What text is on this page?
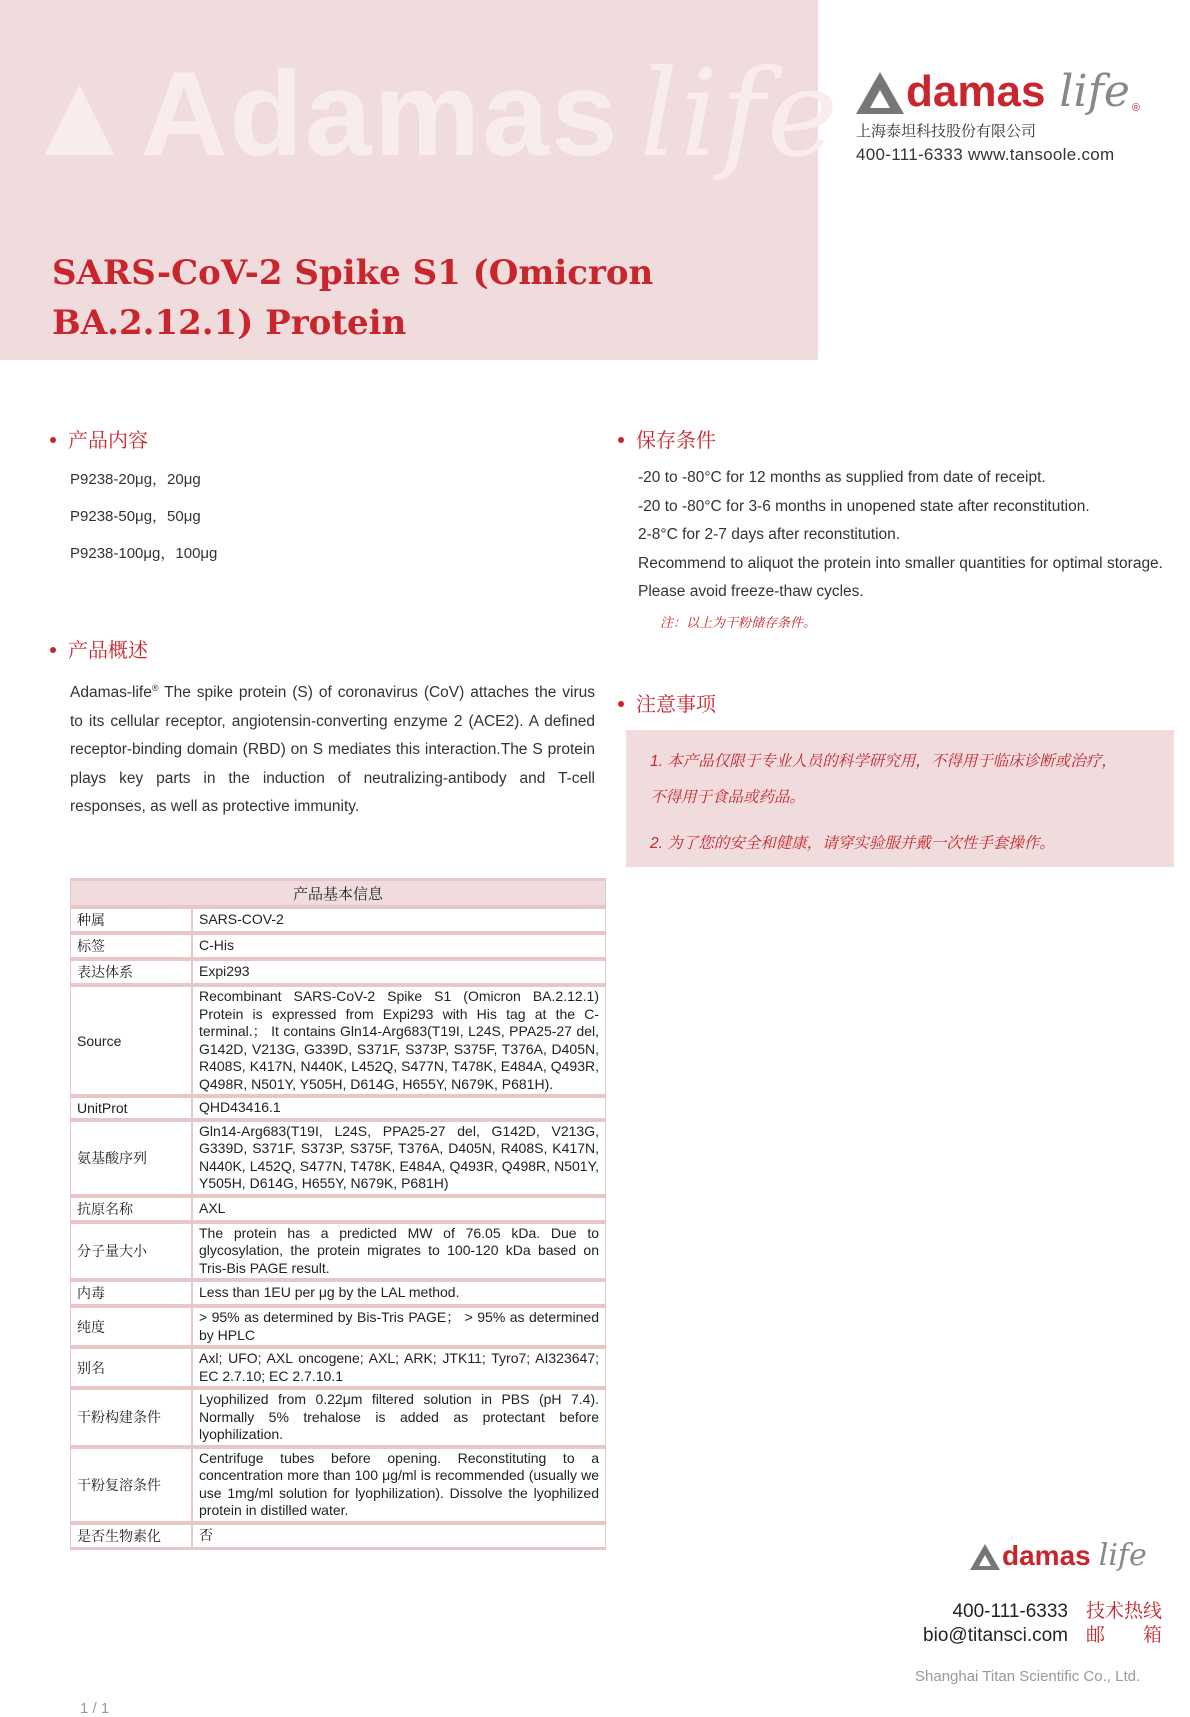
▲Adamas life
SARS-CoV-2 Spike S1 (Omicron BA.2.12.1) Protein
damas life ®
上海泰坦科技股份有限公司
400-111-6333 www.tansoole.com
产品内容
P9238-20μg，20μg
P9238-50μg，50μg
P9238-100μg，100μg
产品概述
Adamas-life® The spike protein (S) of coronavirus (CoV) attaches the virus to its cellular receptor, angiotensin-converting enzyme 2 (ACE2). A defined receptor-binding domain (RBD) on S mediates this interaction.The S protein plays key parts in the induction of neutralizing-antibody and T-cell responses, as well as protective immunity.
保存条件
-20 to -80°C for 12 months as supplied from date of receipt.
-20 to -80°C for 3-6 months in unopened state after reconstitution.
2-8°C for 2-7 days after reconstitution.
Recommend to aliquot the protein into smaller quantities for optimal storage. Please avoid freeze-thaw cycles.
注：以上为干粉储存条件。
注意事项

1. 本产品仅限于专业人员的科学研究用，不得用于临床诊断或治疗，

不得用于食品或药品。

2. 为了您的安全和健康，请穿实验服并戴一次性手套操作。

产品基本信息	
种属	SARS-COV-2
标签	C-His
表达体系	Expi293
Source	Recombinant SARS-CoV-2 Spike S1 (Omicron BA.2.12.1) Protein is expressed from Expi293 with His tag at the C-terminal.； It contains Gln14-Arg683(T19I, L24S, PPA25-27 del, G142D, V213G, G339D, S371F, S373P, S375F, T376A, D405N, R408S, K417N, N440K, L452Q, S477N, T478K, E484A, Q493R, Q498R, N501Y, Y505H, D614G, H655Y, N679K, P681H).
UnitProt	QHD43416.1
氨基酸序列	Gln14-Arg683(T19I, L24S, PPA25-27 del, G142D, V213G, G339D, S371F, S373P, S375F, T376A, D405N, R408S, K417N, N440K, L452Q, S477N, T478K, E484A, Q493R, Q498R, N501Y, Y505H, D614G, H655Y, N679K, P681H)
抗原名称	AXL
分子量大小	The protein has a predicted MW of 76.05 kDa. Due to glycosylation, the protein migrates to 100-120 kDa based on Tris-Bis PAGE result.
内毒	Less than 1EU per μg by the LAL method.
纯度	> 95% as determined by Bis-Tris PAGE； > 95% as determined by HPLC
别名	Axl; UFO; AXL oncogene; AXL; ARK; JTK11; Tyro7; AI323647; EC 2.7.10; EC 2.7.10.1
干粉构建条件	Lyophilized from 0.22μm filtered solution in PBS (pH 7.4). Normally 5% trehalose is added as protectant before lyophilization.
干粉复溶条件	Centrifuge tubes before opening. Reconstituting to a concentration more than 100 μg/ml is recommended (usually we use 1mg/ml solution for lyophilization). Dissolve the lyophilized protein in distilled water.
是否生物素化	否
damas life
400-111-6333 技术热线
bio@titansci.com 邮箱
Shanghai Titan Scientific Co., Ltd.
1 / 1
